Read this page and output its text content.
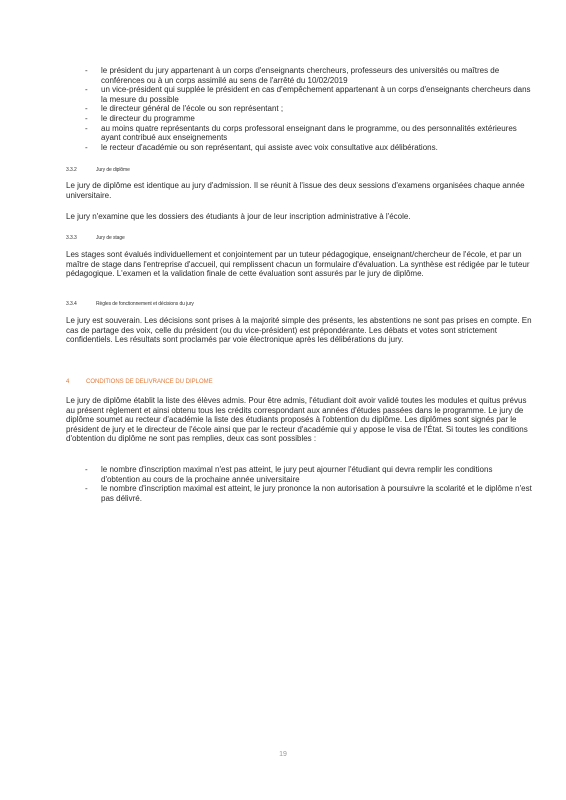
- le président du jury appartenant à un corps d'enseignants chercheurs, professeurs des universités ou maîtres de conférences ou à un corps assimilé au sens de l'arrêté du 10/02/2019

- un vice-président qui supplée le président en cas d'empêchement appartenant à un corps d'enseignants chercheurs dans la mesure du possible

- le directeur général de l'école ou son représentant ;

- le directeur du programme

- au moins quatre représentants du corps professoral enseignant dans le programme, ou des personnalités extérieures ayant contribué aux enseignements

- le recteur d'académie ou son représentant, qui assiste avec voix consultative aux délibérations.

3.3.2	Jury de diplôme

Le jury de diplôme est identique au jury d'admission. Il se réunit à l'issue des deux sessions d'examens organisées chaque année universitaire.

Le jury n'examine que les dossiers des étudiants à jour de leur inscription administrative à l'école.

3.3.3	Jury de stage

Les stages sont évalués individuellement et conjointement par un tuteur pédagogique, enseignant/chercheur de l'école, et par un maître de stage dans l'entreprise d'accueil, qui remplissent chacun un formulaire d'évaluation. La synthèse est rédigée par le tuteur pédagogique. L'examen et la validation finale de cette évaluation sont assurés par le jury de diplôme.

3.3.4	Règles de fonctionnement et décisions du jury

Le jury est souverain. Les décisions sont prises à la majorité simple des présents, les abstentions ne sont pas prises en compte. En cas de partage des voix, celle du président (ou du vice-président) est prépondérante. Les débats et votes sont strictement confidentiels. Les résultats sont proclamés par voie électronique après les délibérations du jury.

4	CONDITIONS DE DELIVRANCE DU DIPLOME

Le jury de diplôme établit la liste des élèves admis. Pour être admis, l'étudiant doit avoir validé toutes les modules et quitus prévus au présent règlement et ainsi obtenu tous les crédits correspondant aux années d'études passées dans le programme. Le jury de diplôme soumet au recteur d'académie la liste des étudiants proposés à l'obtention du diplôme. Les diplômes sont signés par le président de jury et le directeur de l'école ainsi que par le recteur d'académie qui y appose le visa de l'État. Si toutes les conditions d'obtention du diplôme ne sont pas remplies, deux cas sont possibles :

- le nombre d'inscription maximal n'est pas atteint, le jury peut ajourner l'étudiant qui devra remplir les conditions d'obtention au cours de la prochaine année universitaire

- le nombre d'inscription maximal est atteint, le jury prononce la non autorisation à poursuivre la scolarité et le diplôme n'est pas délivré.

19
